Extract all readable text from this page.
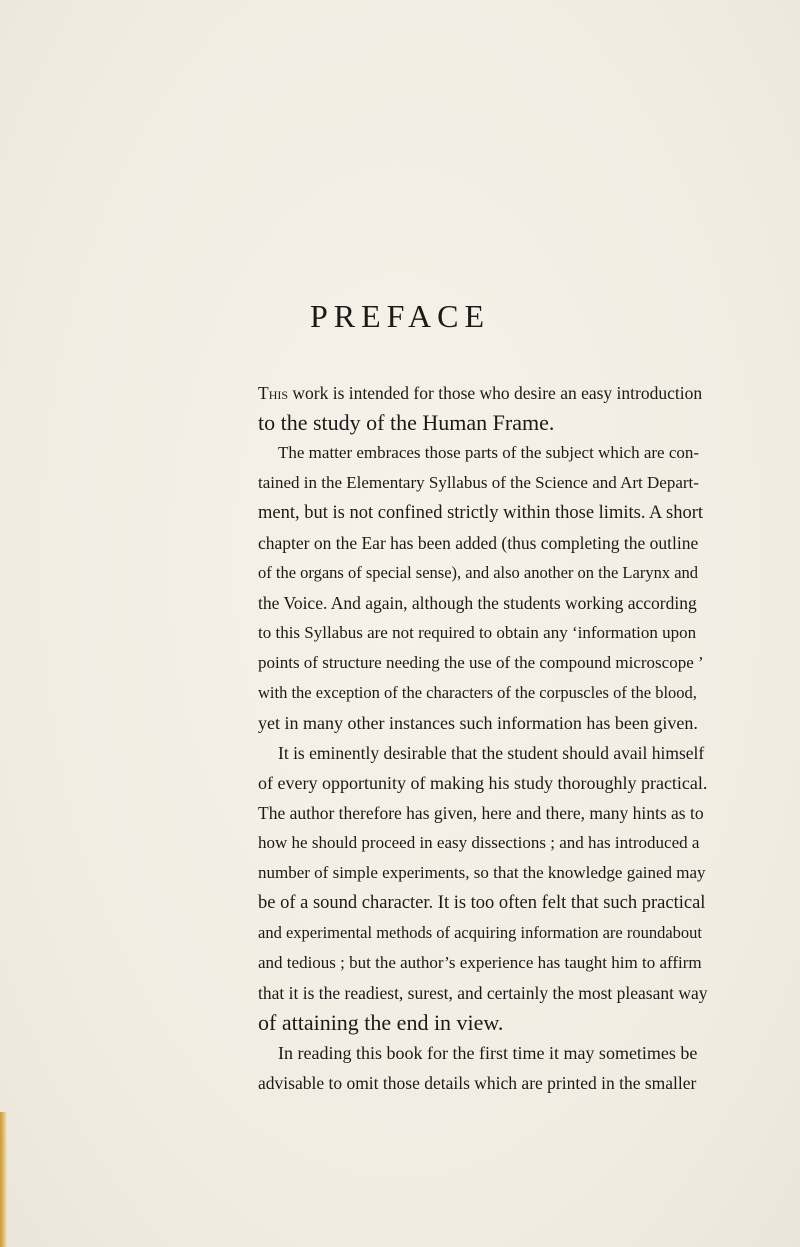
PREFACE
This work is intended for those who desire an easy introduction
to the study of the Human Frame.
The matter embraces those parts of the subject which are con-
tained in the Elementary Syllabus of the Science and Art Depart-
ment, but is not confined strictly within those limits. A short
chapter on the Ear has been added (thus completing the outline
of the organs of special sense), and also another on the Larynx and
the Voice. And again, although the students working according
to this Syllabus are not required to obtain any ‘information upon
points of structure needing the use of the compound microscope ’
with the exception of the characters of the corpuscles of the blood,
yet in many other instances such information has been given.
It is eminently desirable that the student should avail himself
of every opportunity of making his study thoroughly practical.
The author therefore has given, here and there, many hints as to
how he should proceed in easy dissections ; and has introduced a
number of simple experiments, so that the knowledge gained may
be of a sound character. It is too often felt that such practical
and experimental methods of acquiring information are roundabout
and tedious ; but the author’s experience has taught him to affirm
that it is the readiest, surest, and certainly the most pleasant way
of attaining the end in view.
In reading this book for the first time it may sometimes be
advisable to omit those details which are printed in the smaller
